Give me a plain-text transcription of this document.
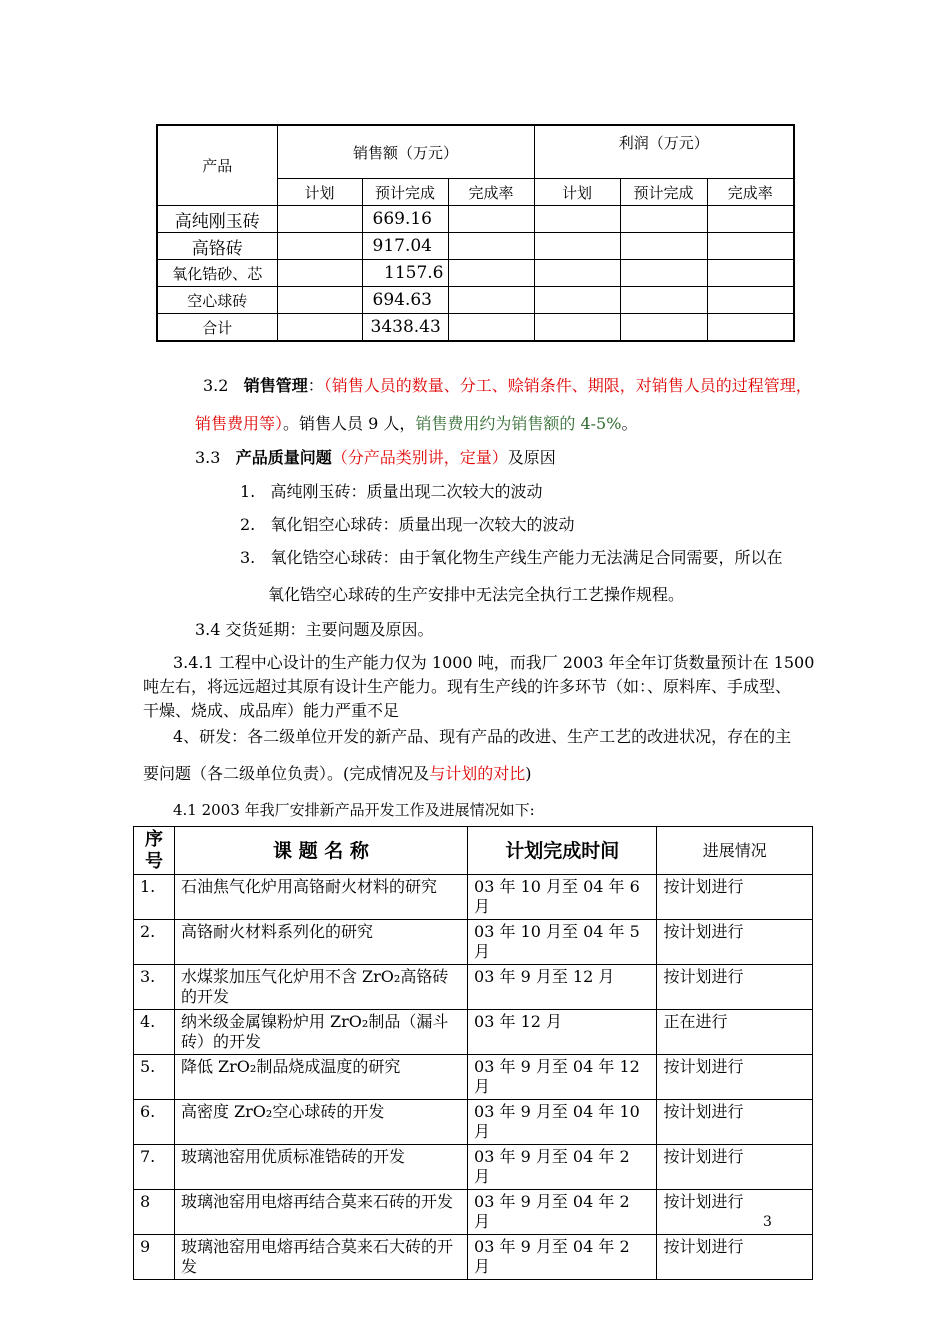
产品	销售额（万元）			利润（万元）		
	计划	预计完成	完成率	计划	预计完成	完成率
高纯刚玉砖		669.16				
高铬砖		917.04				
氧化锆砂、芯		1157.6				
空心球砖		694.63				
合计		3438.43				
3.2 销售管理：（销售人员的数量、分工、赊销条件、期限，对销售人员的过程管理，
销售费用等）。销售人员 9 人，销售费用约为销售额的 4-5%。
3.3 产品质量问题（分产品类别讲，定量）及原因
1. 高纯刚玉砖：质量出现二次较大的波动
2. 氧化铝空心球砖：质量出现一次较大的波动
3. 氧化锆空心球砖：由于氧化物生产线生产能力无法满足合同需要，所以在
氧化锆空心球砖的生产安排中无法完全执行工艺操作规程。
3.4 交货延期：主要问题及原因。
3.4.1 工程中心设计的生产能力仅为 1000 吨，而我厂 2003 年全年订货数量预计在 1500
吨左右，将远远超过其原有设计生产能力。现有生产线的许多环节（如：、原料库、手成型、
干燥、烧成、成品库）能力严重不足
4、研发：各二级单位开发的新产品、现有产品的改进、生产工艺的改进状况，存在的主
要问题（各二级单位负责）。(完成情况及与计划的对比)
4.1 2003 年我厂安排新产品开发工作及进展情况如下:
序号	课 题 名 称	计划完成时间	进展情况
1.	石油焦气化炉用高铬耐火材料的研究	03 年 10 月至 04 年 6 月	按计划进行
2.	高铬耐火材料系列化的研究	03 年 10 月至 04 年 5 月	按计划进行
3.	水煤浆加压气化炉用不含 ZrO₂高铬砖的开发	03 年 9 月至 12 月	按计划进行
4.	纳米级金属镍粉炉用 ZrO₂制品（漏斗砖）的开发	03 年 12 月	正在进行
5.	降低 ZrO₂制品烧成温度的研究	03 年 9 月至 04 年 12 月	按计划进行
6.	高密度 ZrO₂空心球砖的开发	03 年 9 月至 04 年 10 月	按计划进行
7.	玻璃池窑用优质标准锆砖的开发	03 年 9 月至 04 年 2 月	按计划进行
8	玻璃池窑用电熔再结合莫来石砖的开发	03 年 9 月至 04 年 2 月	按计划进行
9	玻璃池窑用电熔再结合莫来石大砖的开发	03 年 9 月至 04 年 2 月	按计划进行
3
